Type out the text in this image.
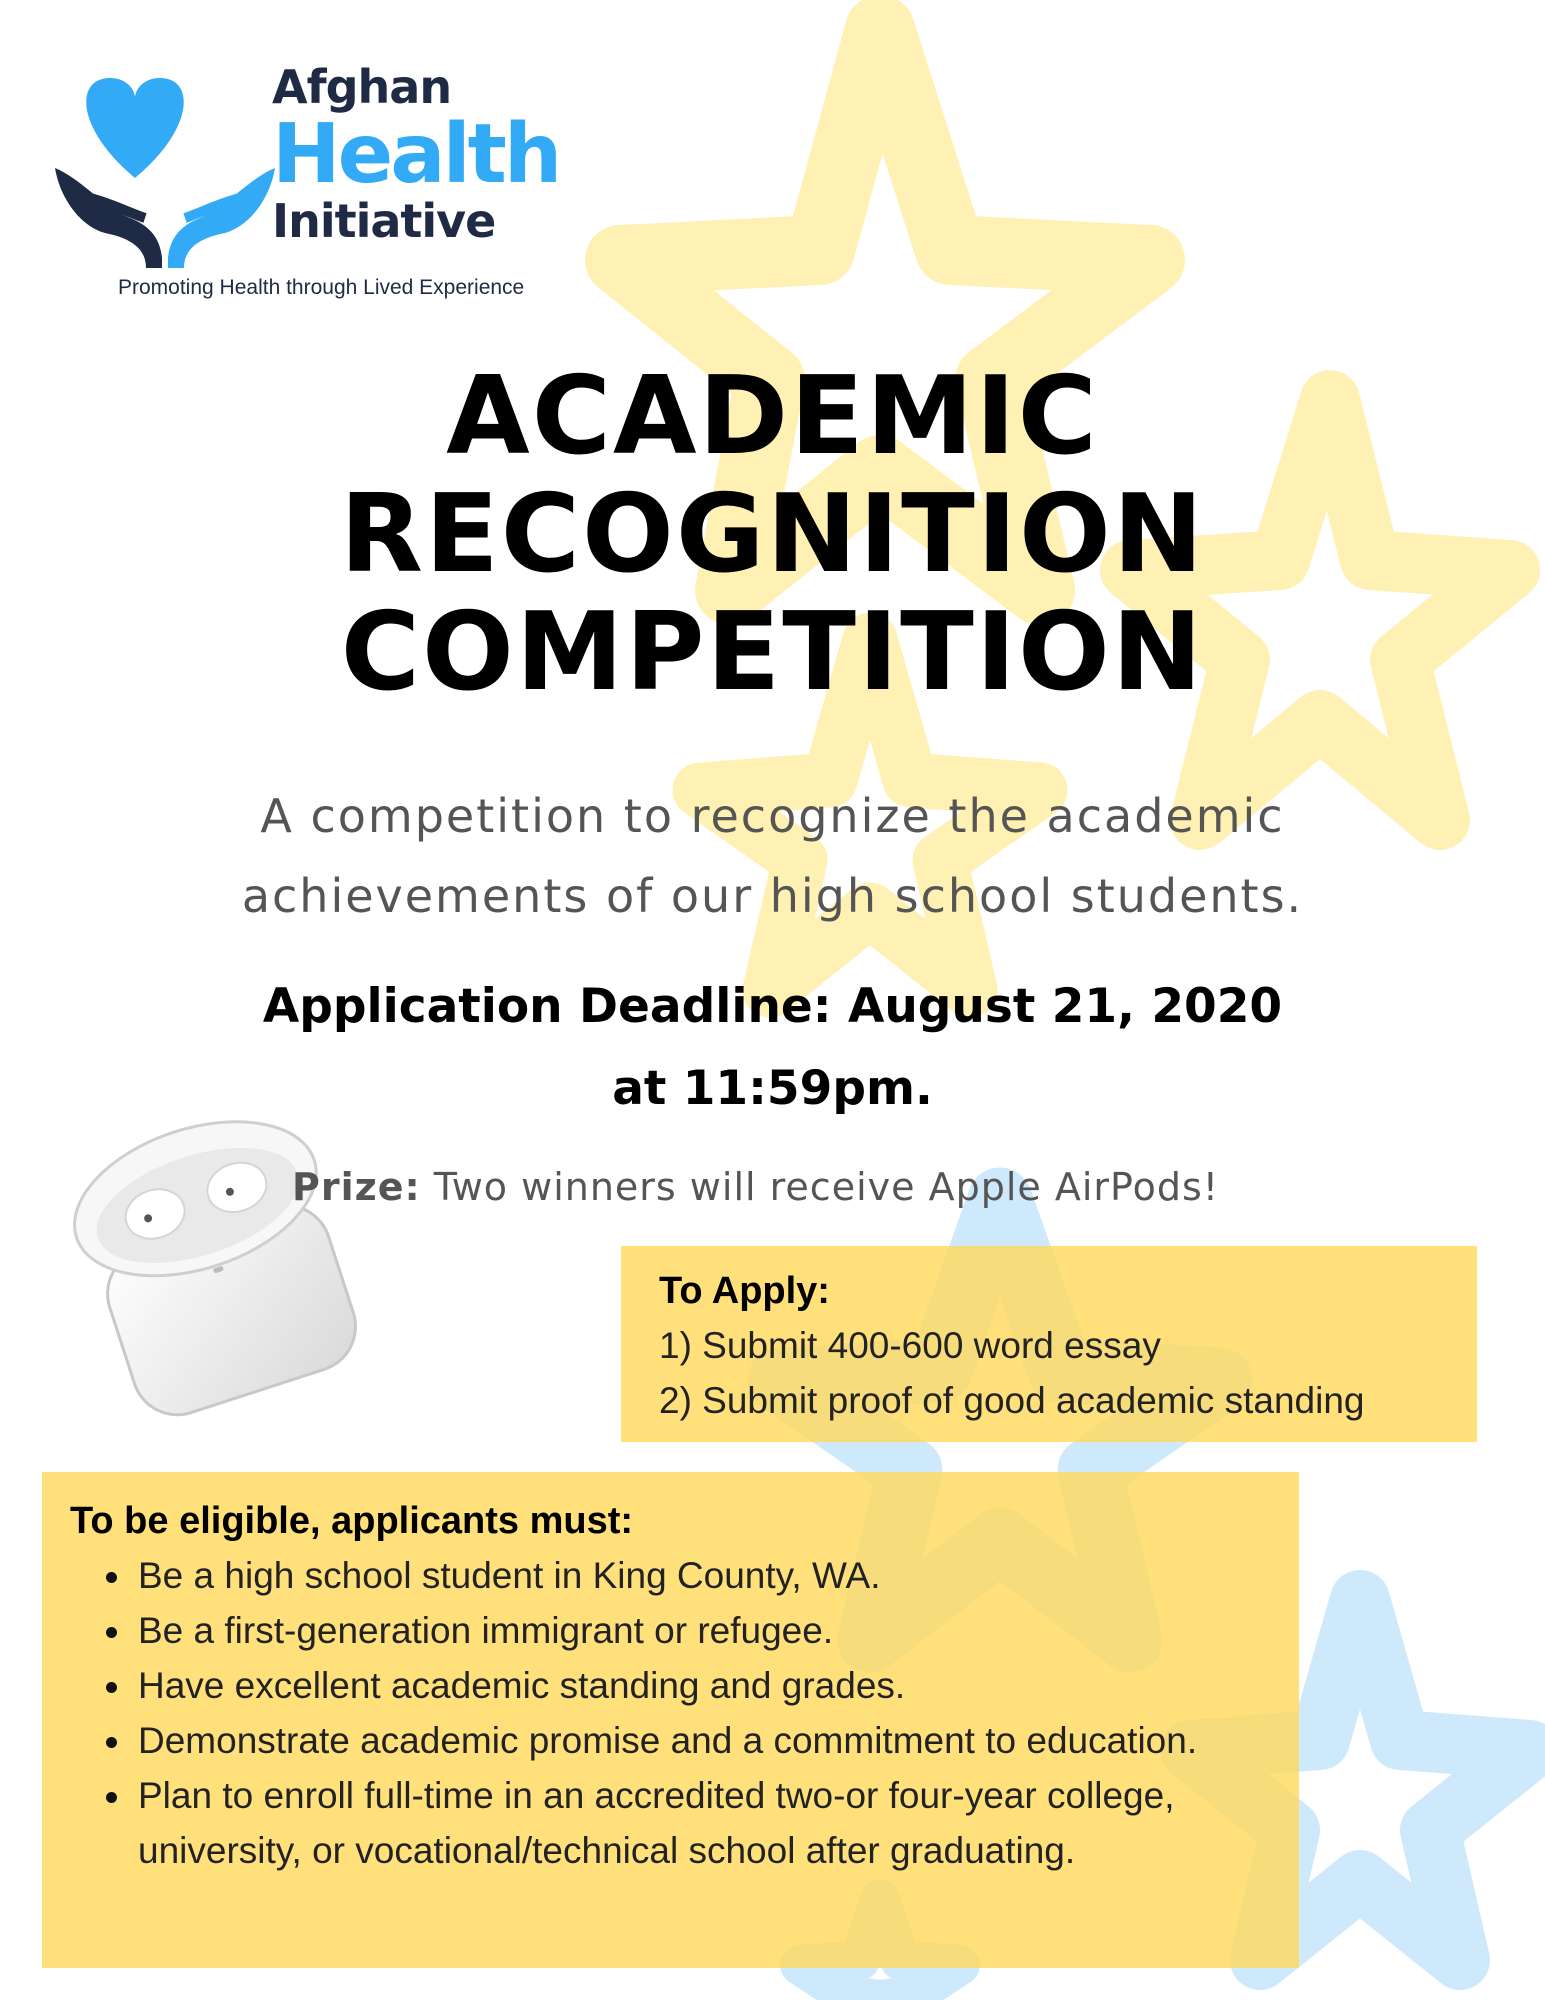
Afghan
Health
Initiative
Promoting Health through Lived Experience
ACADEMIC
RECOGNITION
COMPETITION
A competition to recognize the academic
achievements of our high school students.
Application Deadline: August 21, 2020
at 11:59pm.
Prize: Two winners will receive Apple AirPods!
To Apply:
1) Submit 400-600 word essay
2) Submit proof of good academic standing
To be eligible, applicants must:
Be a high school student in King County, WA.
Be a first-generation immigrant or refugee.
Have excellent academic standing and grades.
Demonstrate academic promise and a commitment to education.
Plan to enroll full-time in an accredited two-or four-year college, university, or vocational/technical school after graduating.
